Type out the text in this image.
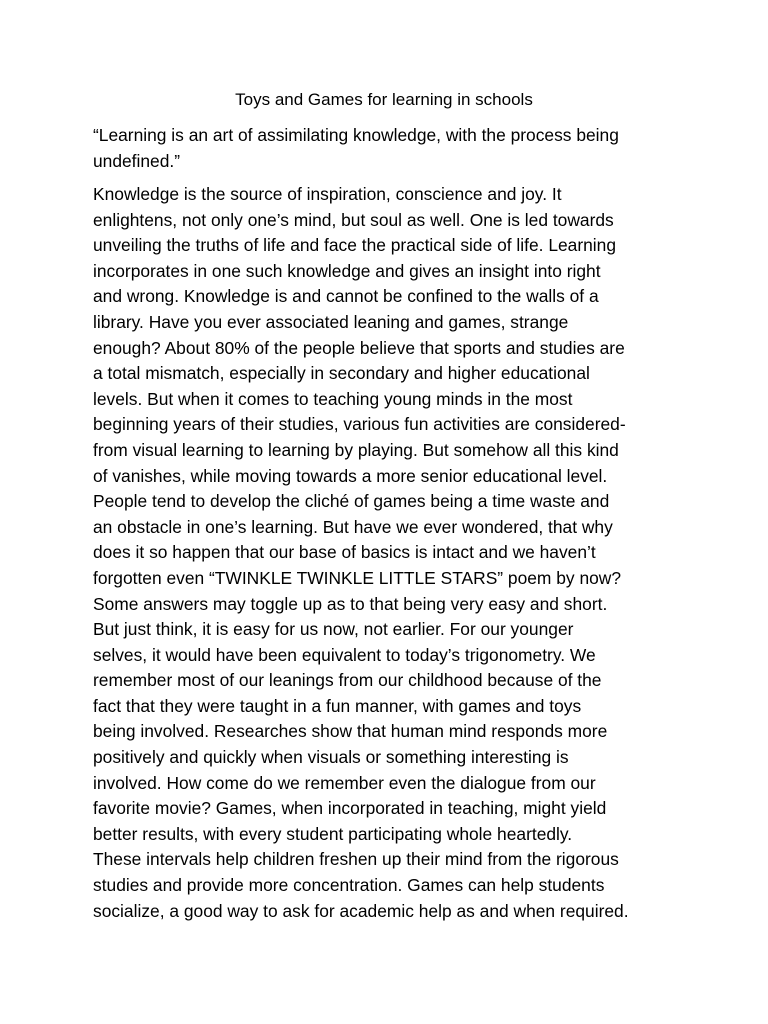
Toys and Games for learning in schools
“Learning is an art of assimilating knowledge, with the process being
undefined.”
Knowledge is the source of inspiration, conscience and joy. It
enlightens, not only one’s mind, but soul as well. One is led towards
unveiling the truths of life and face the practical side of life. Learning
incorporates in one such knowledge and gives an insight into right
and wrong. Knowledge is and cannot be confined to the walls of a
library. Have you ever associated leaning and games, strange
enough? About 80% of the people believe that sports and studies are
a total mismatch, especially in secondary and higher educational
levels. But when it comes to teaching young minds in the most
beginning years of their studies, various fun activities are considered-
from visual learning to learning by playing. But somehow all this kind
of vanishes, while moving towards a more senior educational level.
People tend to develop the cliché of games being a time waste and
an obstacle in one’s learning. But have we ever wondered, that why
does it so happen that our base of basics is intact and we haven’t
forgotten even “TWINKLE TWINKLE LITTLE STARS” poem by now?
Some answers may toggle up as to that being very easy and short.
But just think, it is easy for us now, not earlier. For our younger
selves, it would have been equivalent to today’s trigonometry. We
remember most of our leanings from our childhood because of the
fact that they were taught in a fun manner, with games and toys
being involved. Researches show that human mind responds more
positively and quickly when visuals or something interesting is
involved. How come do we remember even the dialogue from our
favorite movie? Games, when incorporated in teaching, might yield
better results, with every student participating whole heartedly.
These intervals help children freshen up their mind from the rigorous
studies and provide more concentration. Games can help students
socialize, a good way to ask for academic help as and when required.
